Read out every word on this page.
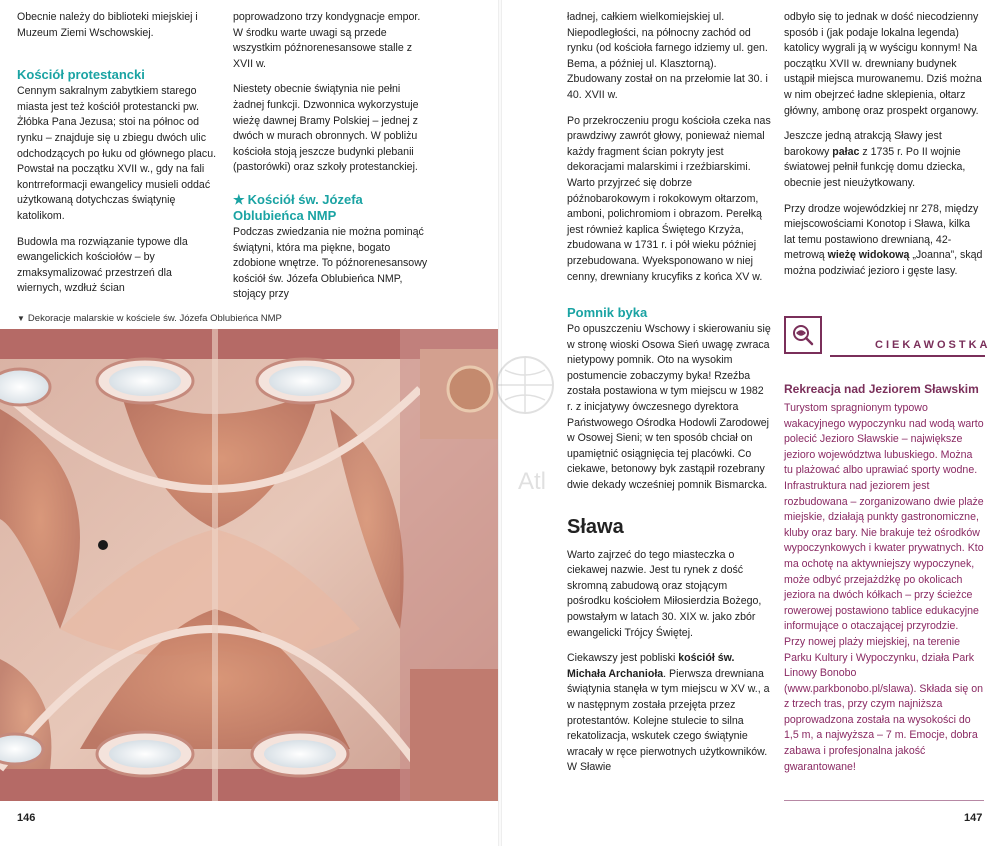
Obecnie należy do biblioteki miejskiej i Muzeum Ziemi Wschowskiej.

Kościół protestancki

Cennym sakralnym zabytkiem starego miasta jest też kościół protestancki pw. Żłóbka Pana Jezusa; stoi na północ od rynku – znajduje się u zbiegu dwóch ulic odchodzących po łuku od głównego placu. Powstał na początku XVII w., gdy na fali kontrreformacji ewangelicy musieli oddać użytkowaną dotychczas świątynię katolikom.

Budowla ma rozwiązanie typowe dla ewangelickich kościołów – by zmaksymalizować przestrzeń dla wiernych, wzdłuż ścian

poprowadzono trzy kondygnacje empor. W środku warte uwagi są przede wszystkim późnorenesansowe stalle z XVII w.

Niestety obecnie świątynia nie pełni żadnej funkcji. Dzwonnica wykorzystuje wieżę dawnej Bramy Polskiej – jednej z dwóch w murach obronnych. W pobliżu kościoła stoją jeszcze budynki plebanii (pastorówki) oraz szkoły protestanckiej.

★ Kościół św. Józefa Oblubieńca NMP

Podczas zwiedzania nie można pominąć świątyni, która ma piękne, bogato zdobione wnętrze. To późnorenesansowy kościół św. Józefa Oblubieńca NMP, stojący przy

▼ Dekoracje malarskie w kościele św. Józefa Oblubieńca NMP
146
Atl

ładnej, całkiem wielkomiejskiej ul. Niepodległości, na północny zachód od rynku (od kościoła farnego idziemy ul. gen. Bema, a później ul. Klasztorną). Zbudowany został on na przełomie lat 30. i 40. XVII w.

Po przekroczeniu progu kościoła czeka nas prawdziwy zawrót głowy, ponieważ niemal każdy fragment ścian pokryty jest dekoracjami malarskimi i rzeźbiarskimi. Warto przyjrzeć się dobrze późnobarokowym i rokokowym ołtarzom, amboni, polichromiom i obrazom. Perełką jest również kaplica Świętego Krzyża, zbudowana w 1731 r. i pół wieku później przebudowana. Wyeksponowano w niej cenny, drewniany krucyfiks z końca XV w.

Pomnik byka

Po opuszczeniu Wschowy i skierowaniu się w stronę wioski Osowa Sień uwagę zwraca nietypowy pomnik. Oto na wysokim postumencie zobaczymy byka! Rzeźba została postawiona w tym miejscu w 1982 r. z inicjatywy ówczesnego dyrektora Państwowego Ośrodka Hodowli Zarodowej w Osowej Sieni; w ten sposób chciał on upamiętnić osiągnięcia tej placówki. Co ciekawe, betonowy byk zastąpił rozebrany dwie dekady wcześniej pomnik Bismarcka.

Sława

Warto zajrzeć do tego miasteczka o ciekawej nazwie. Jest tu rynek z dość skromną zabudową oraz stojącym pośrodku kościołem Miłosierdzia Bożego, powstałym w latach 30. XIX w. jako zbór ewangelicki Trójcy Świętej.

Ciekawszy jest pobliski kościół św. Michała Archanioła. Pierwsza drewniana świątynia stanęła w tym miejscu w XV w., a w następnym została przejęta przez protestantów. Kolejne stulecie to silna rekatolizacja, wskutek czego świątynie wracały w ręce pierwotnych użytkowników. W Sławie

odbyło się to jednak w dość niecodzienny sposób i (jak podaje lokalna legenda) katolicy wygrali ją w wyścigu konnym! Na początku XVII w. drewniany budynek ustąpił miejsca murowanemu. Dziś można w nim obejrzeć ładne sklepienia, ołtarz główny, ambonę oraz prospekt organowy.

Jeszcze jedną atrakcją Sławy jest barokowy pałac z 1735 r. Po II wojnie światowej pełnił funkcję domu dziecka, obecnie jest nieużytkowany.

Przy drodze wojewódzkiej nr 278, między miejscowościami Konotop i Sława, kilka lat temu postawiono drewnianą, 42-metrową wieżę widokową „Joanna”, skąd można podziwiać jezioro i gęste lasy.

147
CIEKAWOSTKA
Rekreacja nad Jeziorem Sławskim

Turystom spragnionym typowo wakacyjnego wypoczynku nad wodą warto polecić Jezioro Sławskie – największe jezioro województwa lubuskiego. Można tu plażować albo uprawiać sporty wodne. Infrastruktura nad jeziorem jest rozbudowana – zorganizowano dwie plaże miejskie, działają punkty gastronomiczne, kluby oraz bary. Nie brakuje też ośrodków wypoczynkowych i kwater prywatnych. Kto ma ochotę na aktywniejszy wypoczynek, może odbyć przejażdżkę po okolicach jeziora na dwóch kółkach – przy ścieżce rowerowej postawiono tablice edukacyjne informujące o otaczającej przyrodzie.

Przy nowej plaży miejskiej, na terenie Parku Kultury i Wypoczynku, działa Park Linowy Bonobo (www.parkbonobo.pl/slawa). Składa się on z trzech tras, przy czym najniższa poprowadzona została na wysokości do 1,5 m, a najwyższa – 7 m. Emocje, dobra zabawa i profesjonalna jakość gwarantowane!
